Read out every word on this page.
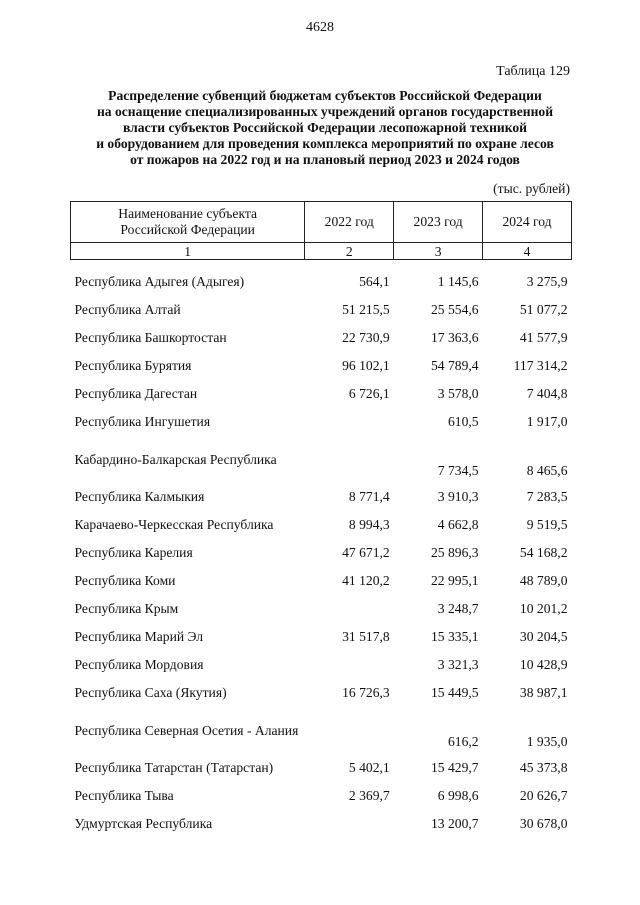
4628
Таблица 129
Распределение субвенций бюджетам субъектов Российской Федерации
на оснащение специализированных учреждений органов государственной
власти субъектов Российской Федерации лесопожарной техникой
и оборудованием для проведения комплекса мероприятий по охране лесов
от пожаров на 2022 год и на плановый период 2023 и 2024 годов
(тыс. рублей)
Наименование субъекта Российской Федерации	2022 год	2023 год	2024 год
1	2	3	4

Республика Адыгея (Адыгея)	564,1	1 145,6	3 275,9
Республика Алтай	51 215,5	25 554,6	51 077,2
Республика Башкортостан	22 730,9	17 363,6	41 577,9
Республика Бурятия	96 102,1	54 789,4	117 314,2
Республика Дагестан	6 726,1	3 578,0	7 404,8
Республика Ингушетия		610,5	1 917,0
Кабардино-Балкарская Республика		7 734,5	8 465,6
Республика Калмыкия	8 771,4	3 910,3	7 283,5
Карачаево-Черкесская Республика	8 994,3	4 662,8	9 519,5
Республика Карелия	47 671,2	25 896,3	54 168,2
Республика Коми	41 120,2	22 995,1	48 789,0
Республика Крым		3 248,7	10 201,2
Республика Марий Эл	31 517,8	15 335,1	30 204,5
Республика Мордовия		3 321,3	10 428,9
Республика Саха (Якутия)	16 726,3	15 449,5	38 987,1
Республика Северная Осетия - Алания		616,2	1 935,0
Республика Татарстан (Татарстан)	5 402,1	15 429,7	45 373,8
Республика Тыва	2 369,7	6 998,6	20 626,7
Удмуртская Республика		13 200,7	30 678,0
